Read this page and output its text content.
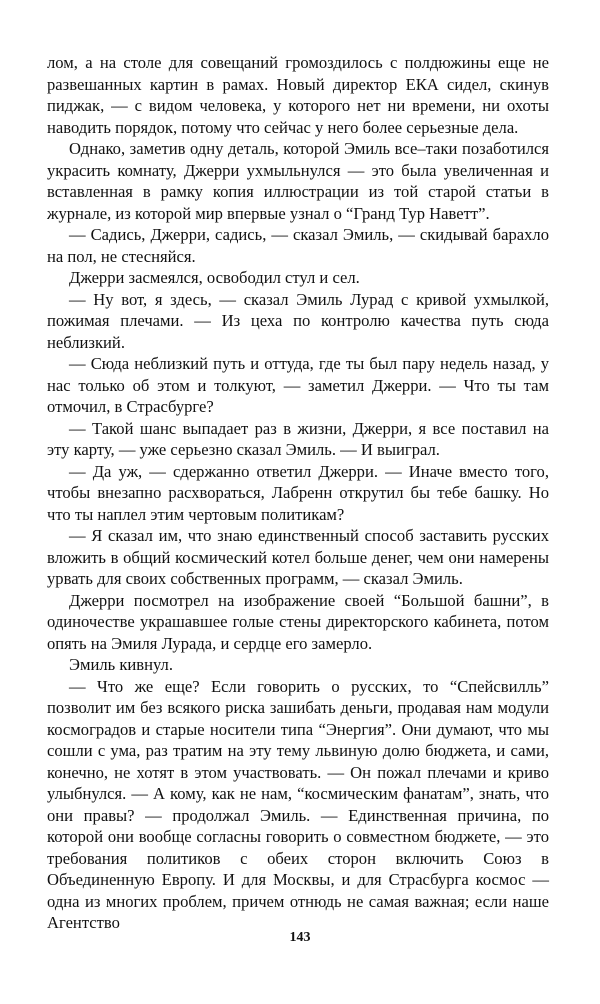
лом, а на столе для совещаний громоздилось с полдюжины еще не развешанных картин в рамах. Новый директор ЕКА сидел, скинув пиджак, — с видом человека, у которого нет ни времени, ни охоты наводить порядок, потому что сейчас у него более серьезные дела.

Однако, заметив одну деталь, которой Эмиль все–таки позаботился украсить комнату, Джерри ухмыльнулся — это была увеличенная и вставленная в рамку копия иллюстрации из той старой статьи в журнале, из которой мир впервые узнал о “Гранд Тур Наветт”.

— Садись, Джерри, садись, — сказал Эмиль, — скидывай барахло на пол, не стесняйся.

Джерри засмеялся, освободил стул и сел.

— Ну вот, я здесь, — сказал Эмиль Лурад с кривой ухмылкой, пожимая плечами. — Из цеха по контролю качества путь сюда неблизкий.

— Сюда неблизкий путь и оттуда, где ты был пару недель назад, у нас только об этом и толкуют, — заметил Джерри. — Что ты там отмочил, в Страсбурге?

— Такой шанс выпадает раз в жизни, Джерри, я все поставил на эту карту, — уже серьезно сказал Эмиль. — И выиграл.

— Да уж, — сдержанно ответил Джерри. — Иначе вместо того, чтобы внезапно расхвораться, Лабренн открутил бы тебе башку. Но что ты наплел этим чертовым политикам?

— Я сказал им, что знаю единственный способ заставить русских вложить в общий космический котел больше денег, чем они намерены урвать для своих собственных программ, — сказал Эмиль.

Джерри посмотрел на изображение своей “Большой башни”, в одиночестве украшавшее голые стены директорского кабинета, потом опять на Эмиля Лурада, и сердце его замерло.

Эмиль кивнул.

— Что же еще? Если говорить о русских, то “Спейсвилль” позволит им без всякого риска зашибать деньги, продавая нам модули космоградов и старые носители типа “Энергия”. Они думают, что мы сошли с ума, раз тратим на эту тему львиную долю бюджета, и сами, конечно, не хотят в этом участвовать. — Он пожал плечами и криво улыбнулся. — А кому, как не нам, “космическим фанатам”, знать, что они правы? — продолжал Эмиль. — Единственная причина, по которой они вообще согласны говорить о совместном бюджете, — это требования политиков с обеих сторон включить Союз в Объединенную Европу. И для Москвы, и для Страсбурга космос — одна из многих проблем, причем отнюдь не самая важная; если наше Агентство

143
